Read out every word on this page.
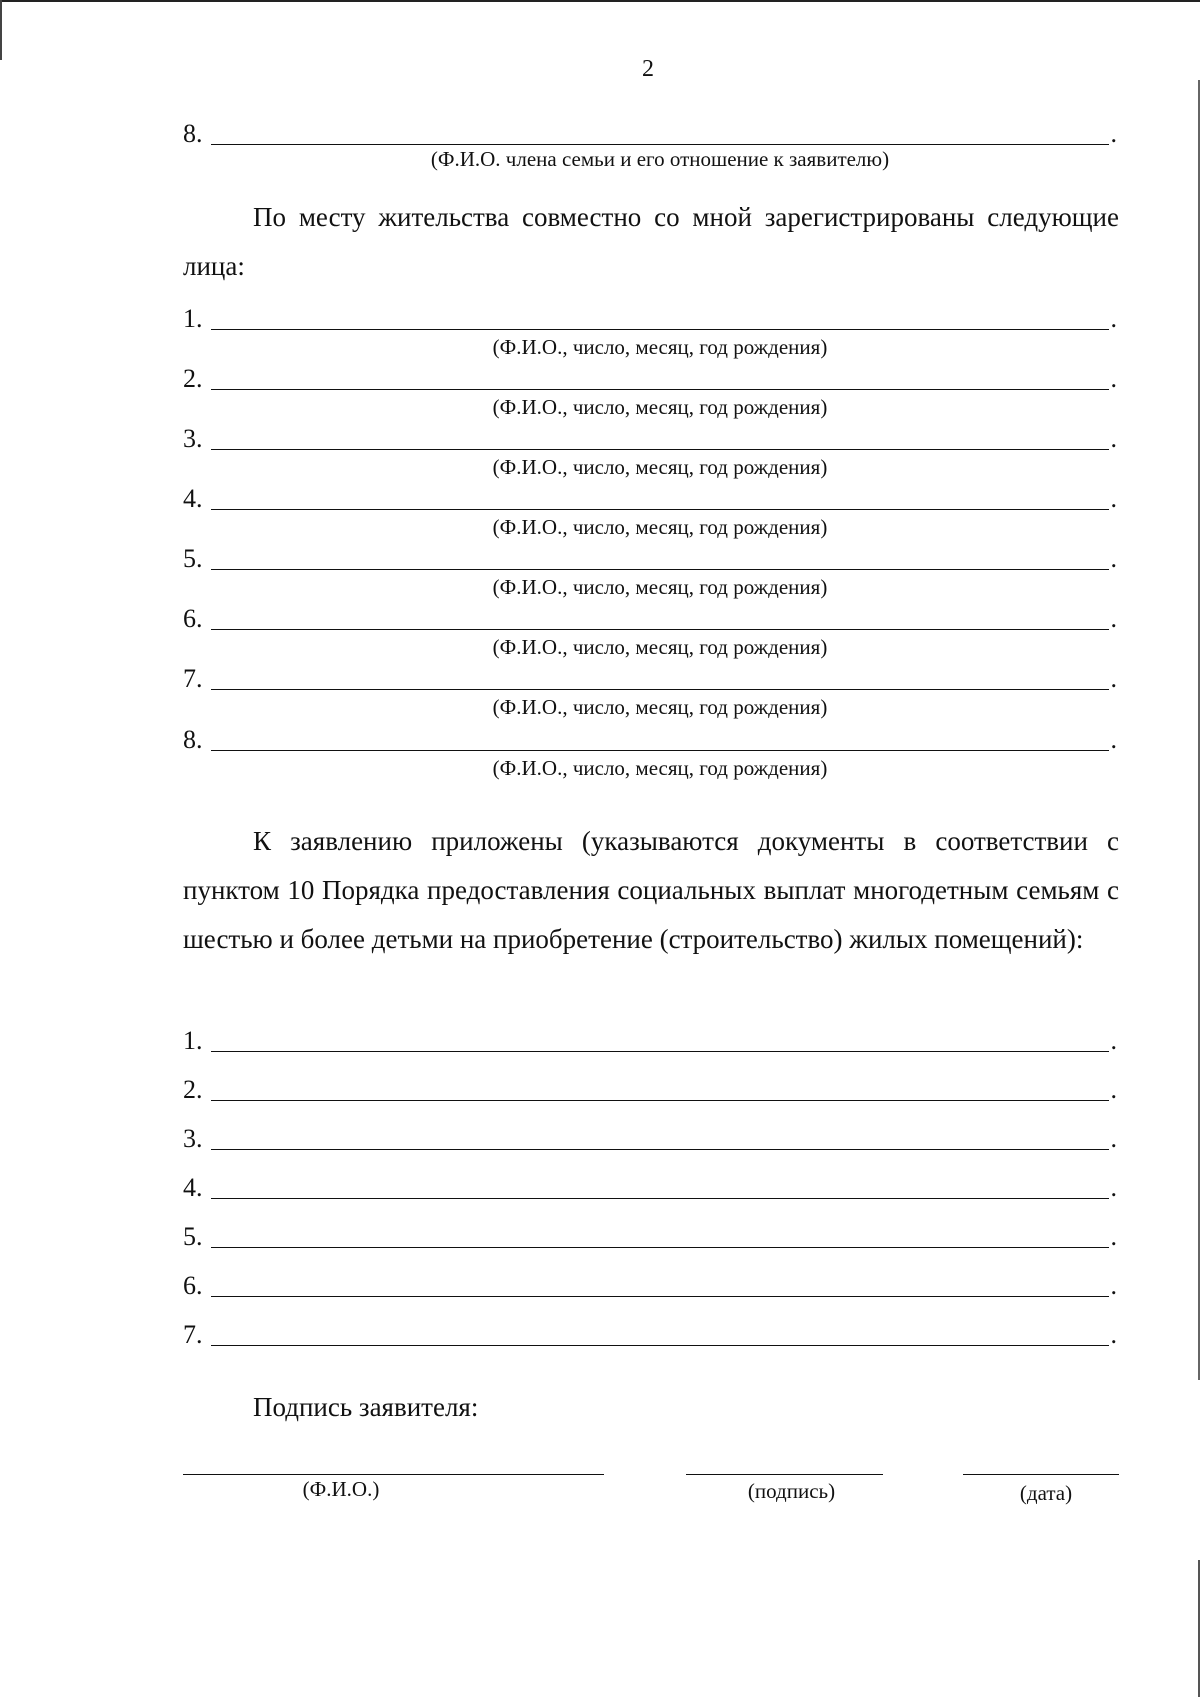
2
8.	.
(Ф.И.О. члена семьи и его отношение к заявителю)

По месту жительства совместно со мной зарегистрированы следующие лица:

1.	.
(Ф.И.О., число, месяц, год рождения)
2.	.
(Ф.И.О., число, месяц, год рождения)
3.	.
(Ф.И.О., число, месяц, год рождения)
4.	.
(Ф.И.О., число, месяц, год рождения)
5.	.
(Ф.И.О., число, месяц, год рождения)
6.	.
(Ф.И.О., число, месяц, год рождения)
7.	.
(Ф.И.О., число, месяц, год рождения)
8.	.
(Ф.И.О., число, месяц, год рождения)

К заявлению приложены (указываются документы в соответствии с пунктом 10 Порядка предоставления социальных выплат многодетным семьям с шестью и более детьми на приобретение (строительство) жилых помещений):

1.	.
2.	.
3.	.
4.	.
5.	.
6.	.
7.	.
Подпись заявителя:
(Ф.И.О.)	(подпись)	(дата)
